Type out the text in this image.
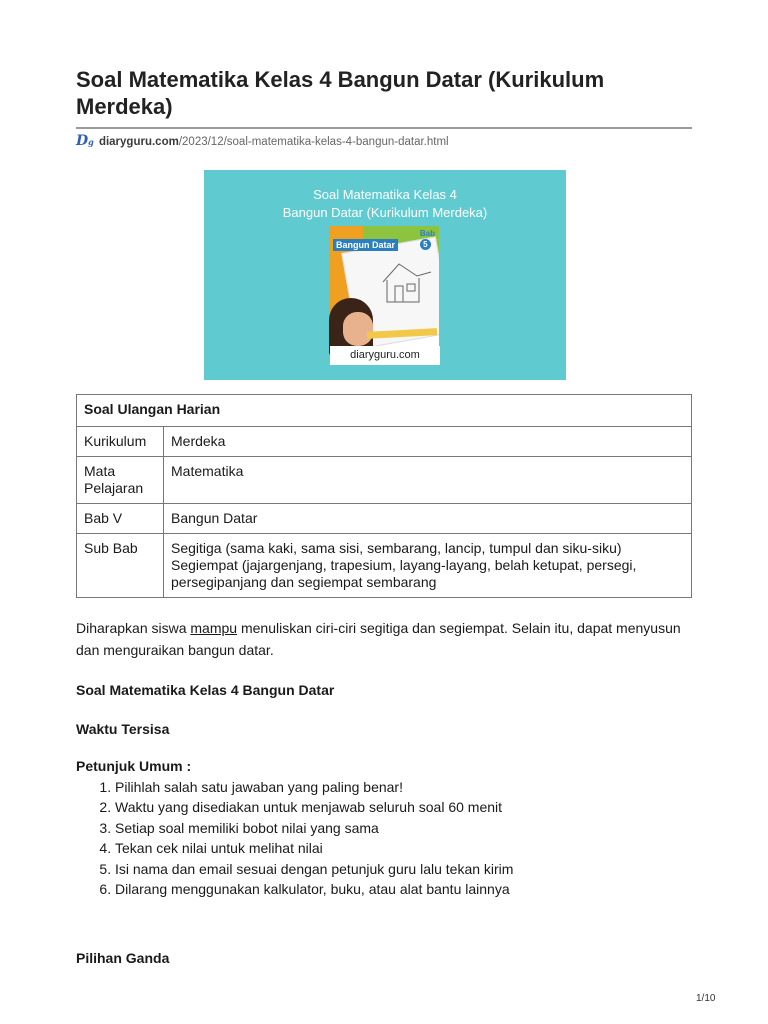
Soal Matematika Kelas 4 Bangun Datar (Kurikulum Merdeka)
Dg diaryguru.com/2023/12/soal-matematika-kelas-4-bangun-datar.html
Soal Matematika Kelas 4
Bangun Datar (Kurikulum Merdeka)
Bangun Datar
Bab
5
diaryguru.com
Soal Ulangan Harian	
Kurikulum	Merdeka
Mata Pelajaran	Matematika
Bab V	Bangun Datar
Sub Bab	Segitiga (sama kaki, sama sisi, sembarang, lancip, tumpul dan siku-siku)
Segiempat (jajargenjang, trapesium, layang-layang, belah ketupat, persegi, persegipanjang dan segiempat sembarang
Diharapkan siswa mampu menuliskan ciri-ciri segitiga dan segiempat. Selain itu, dapat menyusun dan menguraikan bangun datar.
Soal Matematika Kelas 4 Bangun Datar
Waktu Tersisa
Petunjuk Umum :
1. Pilihlah salah satu jawaban yang paling benar!
2. Waktu yang disediakan untuk menjawab seluruh soal 60 menit
3. Setiap soal memiliki bobot nilai yang sama
4. Tekan cek nilai untuk melihat nilai
5. Isi nama dan email sesuai dengan petunjuk guru lalu tekan kirim
6. Dilarang menggunakan kalkulator, buku, atau alat bantu lainnya
Pilihan Ganda
1/10
